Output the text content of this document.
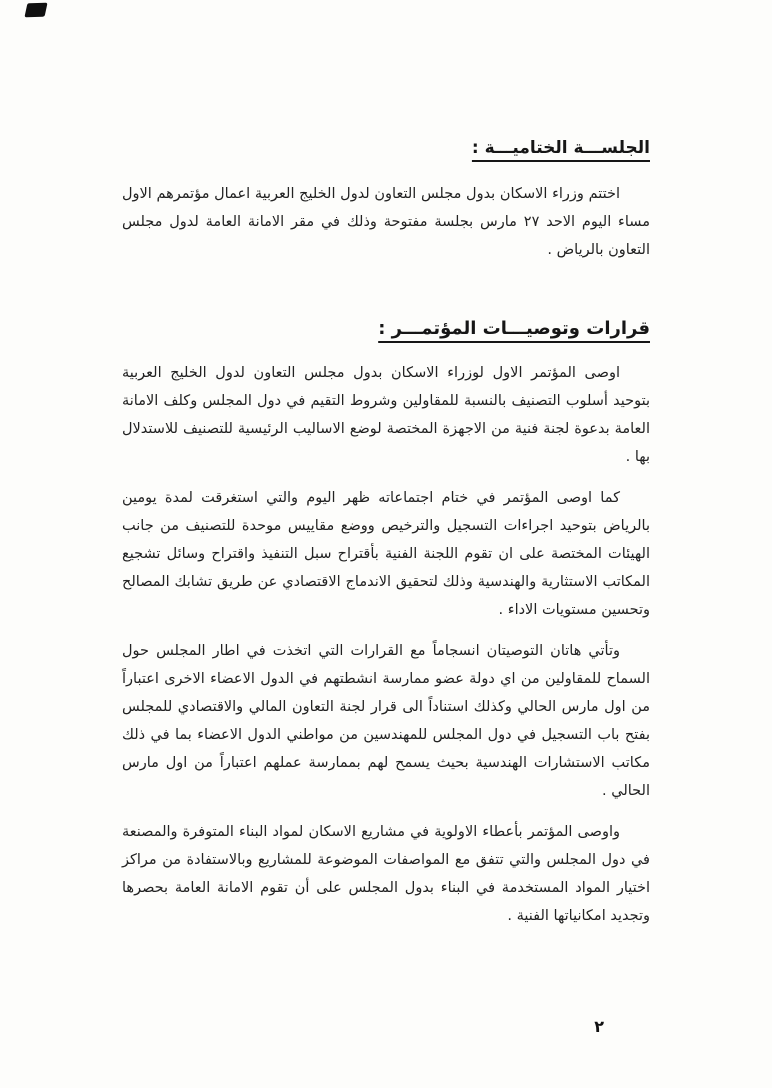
الجلســـة الختاميـــة :

اختتم وزراء الاسكان بدول مجلس التعاون لدول الخليج العربية اعمال مؤتمرهم الاول مساء اليوم الاحد ٢٧ مارس بجلسة مفتوحة وذلك في مقر الامانة العامة لدول مجلس التعاون بالرياض .

قرارات وتوصيـــات المؤتمـــر :

اوصى المؤتمر الاول لوزراء الاسكان بدول مجلس التعاون لدول الخليج العربية بتوحيد أسلوب التصنيف بالنسبة للمقاولين وشروط التقيم في دول المجلس وكلف الامانة العامة بدعوة لجنة فنية من الاجهزة المختصة لوضع الاساليب الرئيسية للتصنيف للاستدلال بها .

كما اوصى المؤتمر في ختام اجتماعاته ظهر اليوم والتي استغرقت لمدة يومين بالرياض بتوحيد اجراءات التسجيل والترخيص ووضع مقاييس موحدة للتصنيف من جانب الهيئات المختصة على ان تقوم اللجنة الفنية بأقتراح سبل التنفيذ واقتراح وسائل تشجيع المكاتب الاستثارية والهندسية وذلك لتحقيق الاندماج الاقتصادي عن طريق تشابك المصالح وتحسين مستويات الاداء .

وتأتي هاتان التوصيتان انسجاماً مع القرارات التي اتخذت في اطار المجلس حول السماح للمقاولين من اي دولة عضو ممارسة انشطتهم في الدول الاعضاء الاخرى اعتباراً من اول مارس الحالي وكذلك استناداً الى قرار لجنة التعاون المالي والاقتصادي للمجلس بفتح باب التسجيل في دول المجلس للمهندسين من مواطني الدول الاعضاء بما في ذلك مكاتب الاستشارات الهندسية بحيث يسمح لهم بممارسة عملهم اعتباراً من اول مارس الحالي .

واوصى المؤتمر بأعطاء الاولوية في مشاريع الاسكان لمواد البناء المتوفرة والمصنعة في دول المجلس والتي تتفق مع المواصفات الموضوعة للمشاريع وبالاستفادة من مراكز اختيار المواد المستخدمة في البناء بدول المجلس على أن تقوم الامانة العامة بحصرها وتجديد امكانياتها الفنية .

٢
